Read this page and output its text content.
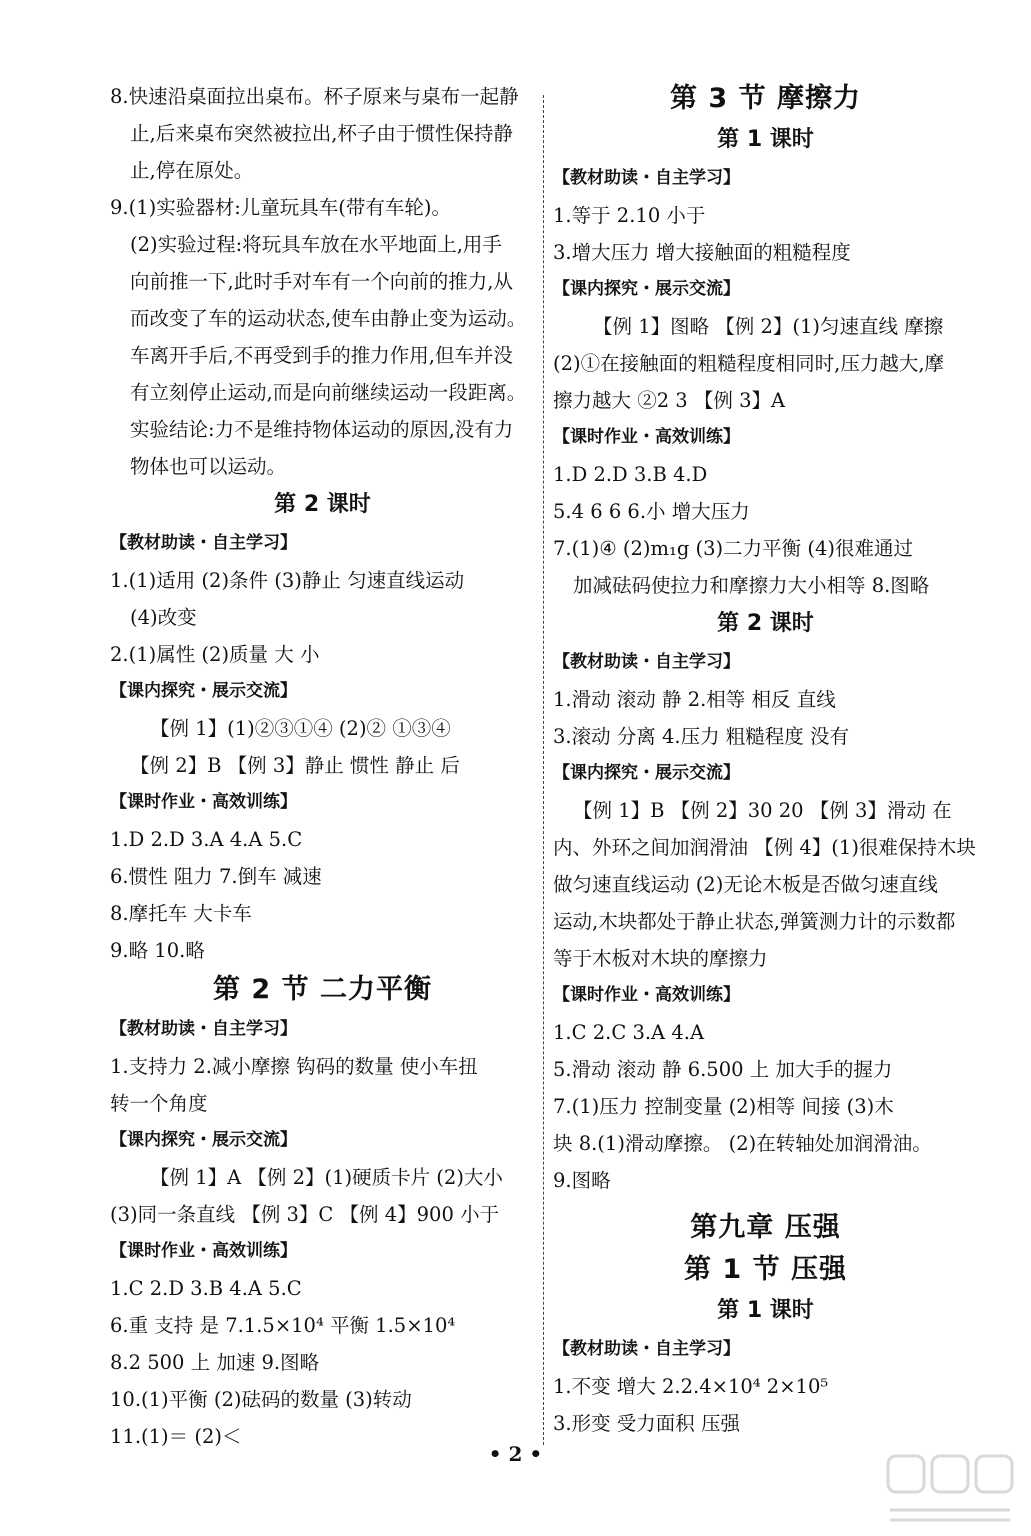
8.快速沿桌面拉出桌布。杯子原来与桌布一起静
止,后来桌布突然被拉出,杯子由于惯性保持静
止,停在原处。
9.(1)实验器材:儿童玩具车(带有车轮)。
(2)实验过程:将玩具车放在水平地面上,用手
向前推一下,此时手对车有一个向前的推力,从
而改变了车的运动状态,使车由静止变为运动。
车离开手后,不再受到手的推力作用,但车并没
有立刻停止运动,而是向前继续运动一段距离。
实验结论:力不是维持物体运动的原因,没有力
物体也可以运动。
第 2 课时
【教材助读・自主学习】
1.(1)适用 (2)条件 (3)静止 匀速直线运动
(4)改变
2.(1)属性 (2)质量 大 小
【课内探究・展示交流】
【例 1】(1)②③①④ (2)② ①③④
【例 2】B 【例 3】静止 惯性 静止 后
【课时作业・高效训练】
1.D 2.D 3.A 4.A 5.C
6.惯性 阻力 7.倒车 减速
8.摩托车 大卡车
9.略 10.略
第 2 节 二力平衡
【教材助读・自主学习】
1.支持力 2.减小摩擦 钩码的数量 使小车扭
转一个角度
【课内探究・展示交流】
【例 1】A 【例 2】(1)硬质卡片 (2)大小
(3)同一条直线 【例 3】C 【例 4】900 小于
【课时作业・高效训练】
1.C 2.D 3.B 4.A 5.C
6.重 支持 是 7.1.5×10⁴ 平衡 1.5×10⁴
8.2 500 上 加速 9.图略
10.(1)平衡 (2)砝码的数量 (3)转动
11.(1)＝ (2)＜
第 3 节 摩擦力
第 1 课时
【教材助读・自主学习】
1.等于 2.10 小于
3.增大压力 增大接触面的粗糙程度
【课内探究・展示交流】
【例 1】图略 【例 2】(1)匀速直线 摩擦
(2)①在接触面的粗糙程度相同时,压力越大,摩
擦力越大 ②2 3 【例 3】A
【课时作业・高效训练】
1.D 2.D 3.B 4.D
5.4 6 6 6.小 增大压力
7.(1)④ (2)m₁g (3)二力平衡 (4)很难通过
加减砝码使拉力和摩擦力大小相等 8.图略
第 2 课时
【教材助读・自主学习】
1.滑动 滚动 静 2.相等 相反 直线
3.滚动 分离 4.压力 粗糙程度 没有
【课内探究・展示交流】
【例 1】B 【例 2】30 20 【例 3】滑动 在
内、外环之间加润滑油 【例 4】(1)很难保持木块
做匀速直线运动 (2)无论木板是否做匀速直线
运动,木块都处于静止状态,弹簧测力计的示数都
等于木板对木块的摩擦力
【课时作业・高效训练】
1.C 2.C 3.A 4.A
5.滑动 滚动 静 6.500 上 加大手的握力
7.(1)压力 控制变量 (2)相等 间接 (3)木
块 8.(1)滑动摩擦。 (2)在转轴处加润滑油。
9.图略
第九章 压强
第 1 节 压强
第 1 课时
【教材助读・自主学习】
1.不变 增大 2.2.4×10⁴ 2×10⁵
3.形变 受力面积 压强
• 2 •
